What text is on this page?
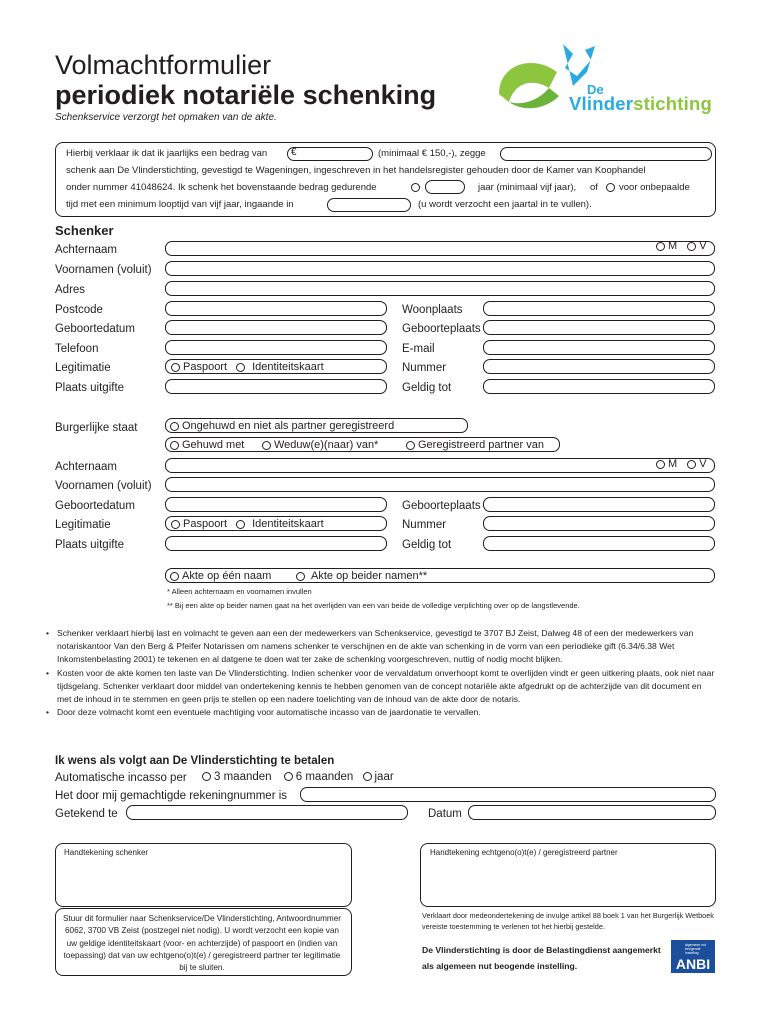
Volmachtformulier
periodiek notariële schenking
Schenkservice verzorgt het opmaken van de akte.
De
Vlinderstichting
Hierbij verklaar ik dat ik jaarlijks een bedrag van €	(minimaal € 150,-), zegge
schenk aan De Vlinderstichting, gevestigd te Wageningen, ingeschreven in het handelsregister gehouden door de Kamer van Koophandel
onder nummer 41048624. Ik schenk het bovenstaande bedrag gedurende	jaar (minimaal vijf jaar), of voor onbepaalde
tijd met een minimum looptijd van vijf jaar, ingaande in	(u wordt verzocht een jaartal in te vullen).
Schenker
Achternaam	M V
Voornamen (voluit)
Adres
Postcode	Woonplaats
Geboortedatum	Geboorteplaats
Telefoon	E-mail
Legitimatie	Paspoort Identiteitskaart	Nummer
Plaats uitgifte	Geldig tot
Burgerlijke staat	Ongehuwd en niet als partner geregistreerd
Gehuwd met	Weduw(e)(naar) van*	Geregistreerd partner van
Achternaam	M V
Voornamen (voluit)
Geboortedatum	Geboorteplaats
Legitimatie	Paspoort Identiteitskaart	Nummer
Plaats uitgifte	Geldig tot
Akte op één naam	Akte op beider namen**
* Alleen achternaam en voornamen invullen
** Bij een akte op beider namen gaat na het overlijden van een van beide de volledige verplichting over op de langstlevende.
• Schenker verklaart hierbij last en volmacht te geven aan een der medewerkers van Schenkservice, gevestigd te 3707 BJ Zeist, Dalweg 48 of een der medewerkers van notariskantoor Van den Berg & Pfeifer Notarissen om namens schenker te verschijnen en de akte van schenking in de vorm van een periodieke gift (6.34/6.38 Wet Inkomstenbelasting 2001) te tekenen en al datgene te doen wat ter zake de schenking voorgeschreven, nuttig of nodig mocht blijken.
• Kosten voor de akte komen ten laste van De Vlinderstichting. Indien schenker voor de vervaldatum onverhoopt komt te overlijden vindt er geen uitkering plaats, ook niet naar tijdsgelang. Schenker verklaart door middel van ondertekening kennis te hebben genomen van de concept notariële akte afgedrukt op de achterzijde van dit document en met de inhoud in te stemmen en geen prijs te stellen op een nadere toelichting van de inhoud van de akte door de notaris.
• Door deze volmacht komt een eventuele machtiging voor automatische incasso van de jaardonatie te vervallen.
Ik wens als volgt aan De Vlinderstichting te betalen
Automatische incasso per	3 maanden 6 maanden jaar
Het door mij gemachtigde rekeningnummer is
Getekend te	Datum
Handtekening schenker	Handtekening echtgeno(o)t(e) / geregistreerd partner
Stuur dit formulier naar Schenkservice/De Vlinderstichting, Antwoordnummer 6062, 3700 VB Zeist (postzegel niet nodig). U wordt verzocht een kopie van uw geldige identiteitskaart (voor- en achterzijde) of paspoort en (indien van toepassing) dat van uw echtgeno(o)t(e) / geregistreerd partner ter legitimatie bij te sluiten.
Verklaart door medeondertekening de invulge artikel 88 boek 1 van het Burgerlijk Wetboek vereiste toestemming te verlenen tot het hierbij gestelde.
De Vlinderstichting is door de Belastingdienst aangemerkt als algemeen nut beogende instelling.
algemeen nut beogende instelling
ANBI
